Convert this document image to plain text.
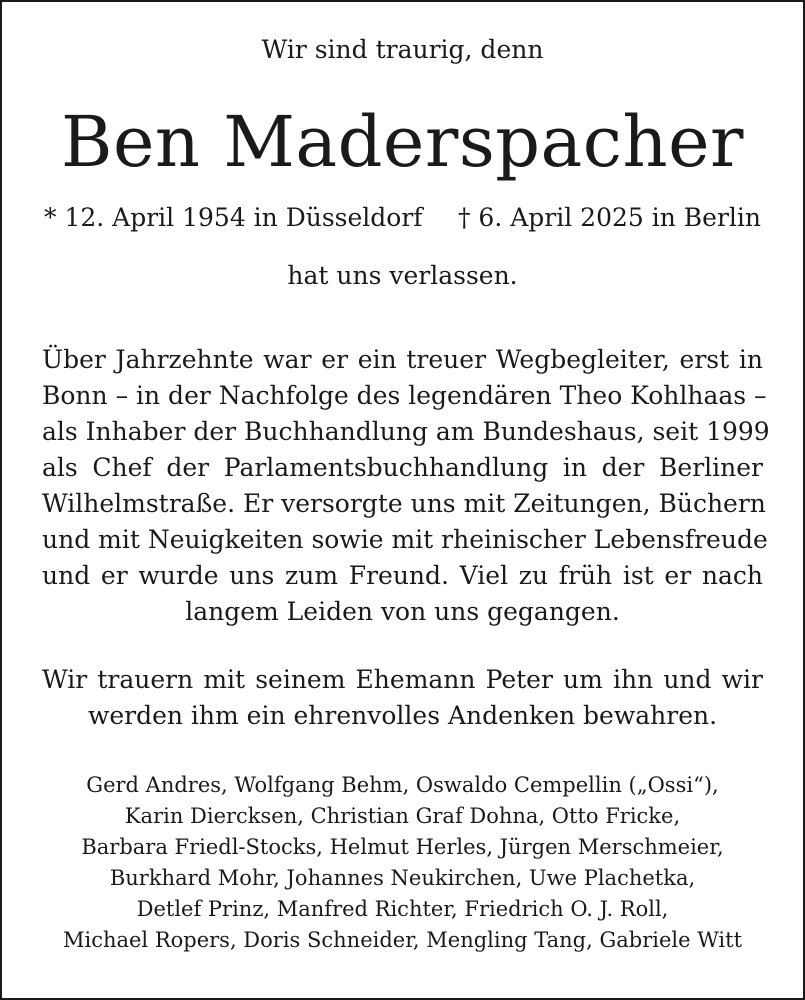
Wir sind traurig, denn
Ben Maderspacher
* 12. April 1954 in Düsseldorf † 6. April 2025 in Berlin
hat uns verlassen.
Über Jahrzehnte war er ein treuer Wegbegleiter, erst in
Bonn – in der Nachfolge des legendären Theo Kohlhaas –
als Inhaber der Buchhandlung am Bundeshaus, seit 1999
als Chef der Parlamentsbuchhandlung in der Berliner
Wilhelmstraße. Er versorgte uns mit Zeitungen, Büchern
und mit Neuigkeiten sowie mit rheinischer Lebensfreude
und er wurde uns zum Freund. Viel zu früh ist er nach
langem Leiden von uns gegangen.
Wir trauern mit seinem Ehemann Peter um ihn und wir
werden ihm ein ehrenvolles Andenken bewahren.
Gerd Andres, Wolfgang Behm, Oswaldo Cempellin („Ossi“),
Karin Diercksen, Christian Graf Dohna, Otto Fricke,
Barbara Friedl-Stocks, Helmut Herles, Jürgen Merschmeier,
Burkhard Mohr, Johannes Neukirchen, Uwe Plachetka,
Detlef Prinz, Manfred Richter, Friedrich O. J. Roll,
Michael Ropers, Doris Schneider, Mengling Tang, Gabriele Witt
